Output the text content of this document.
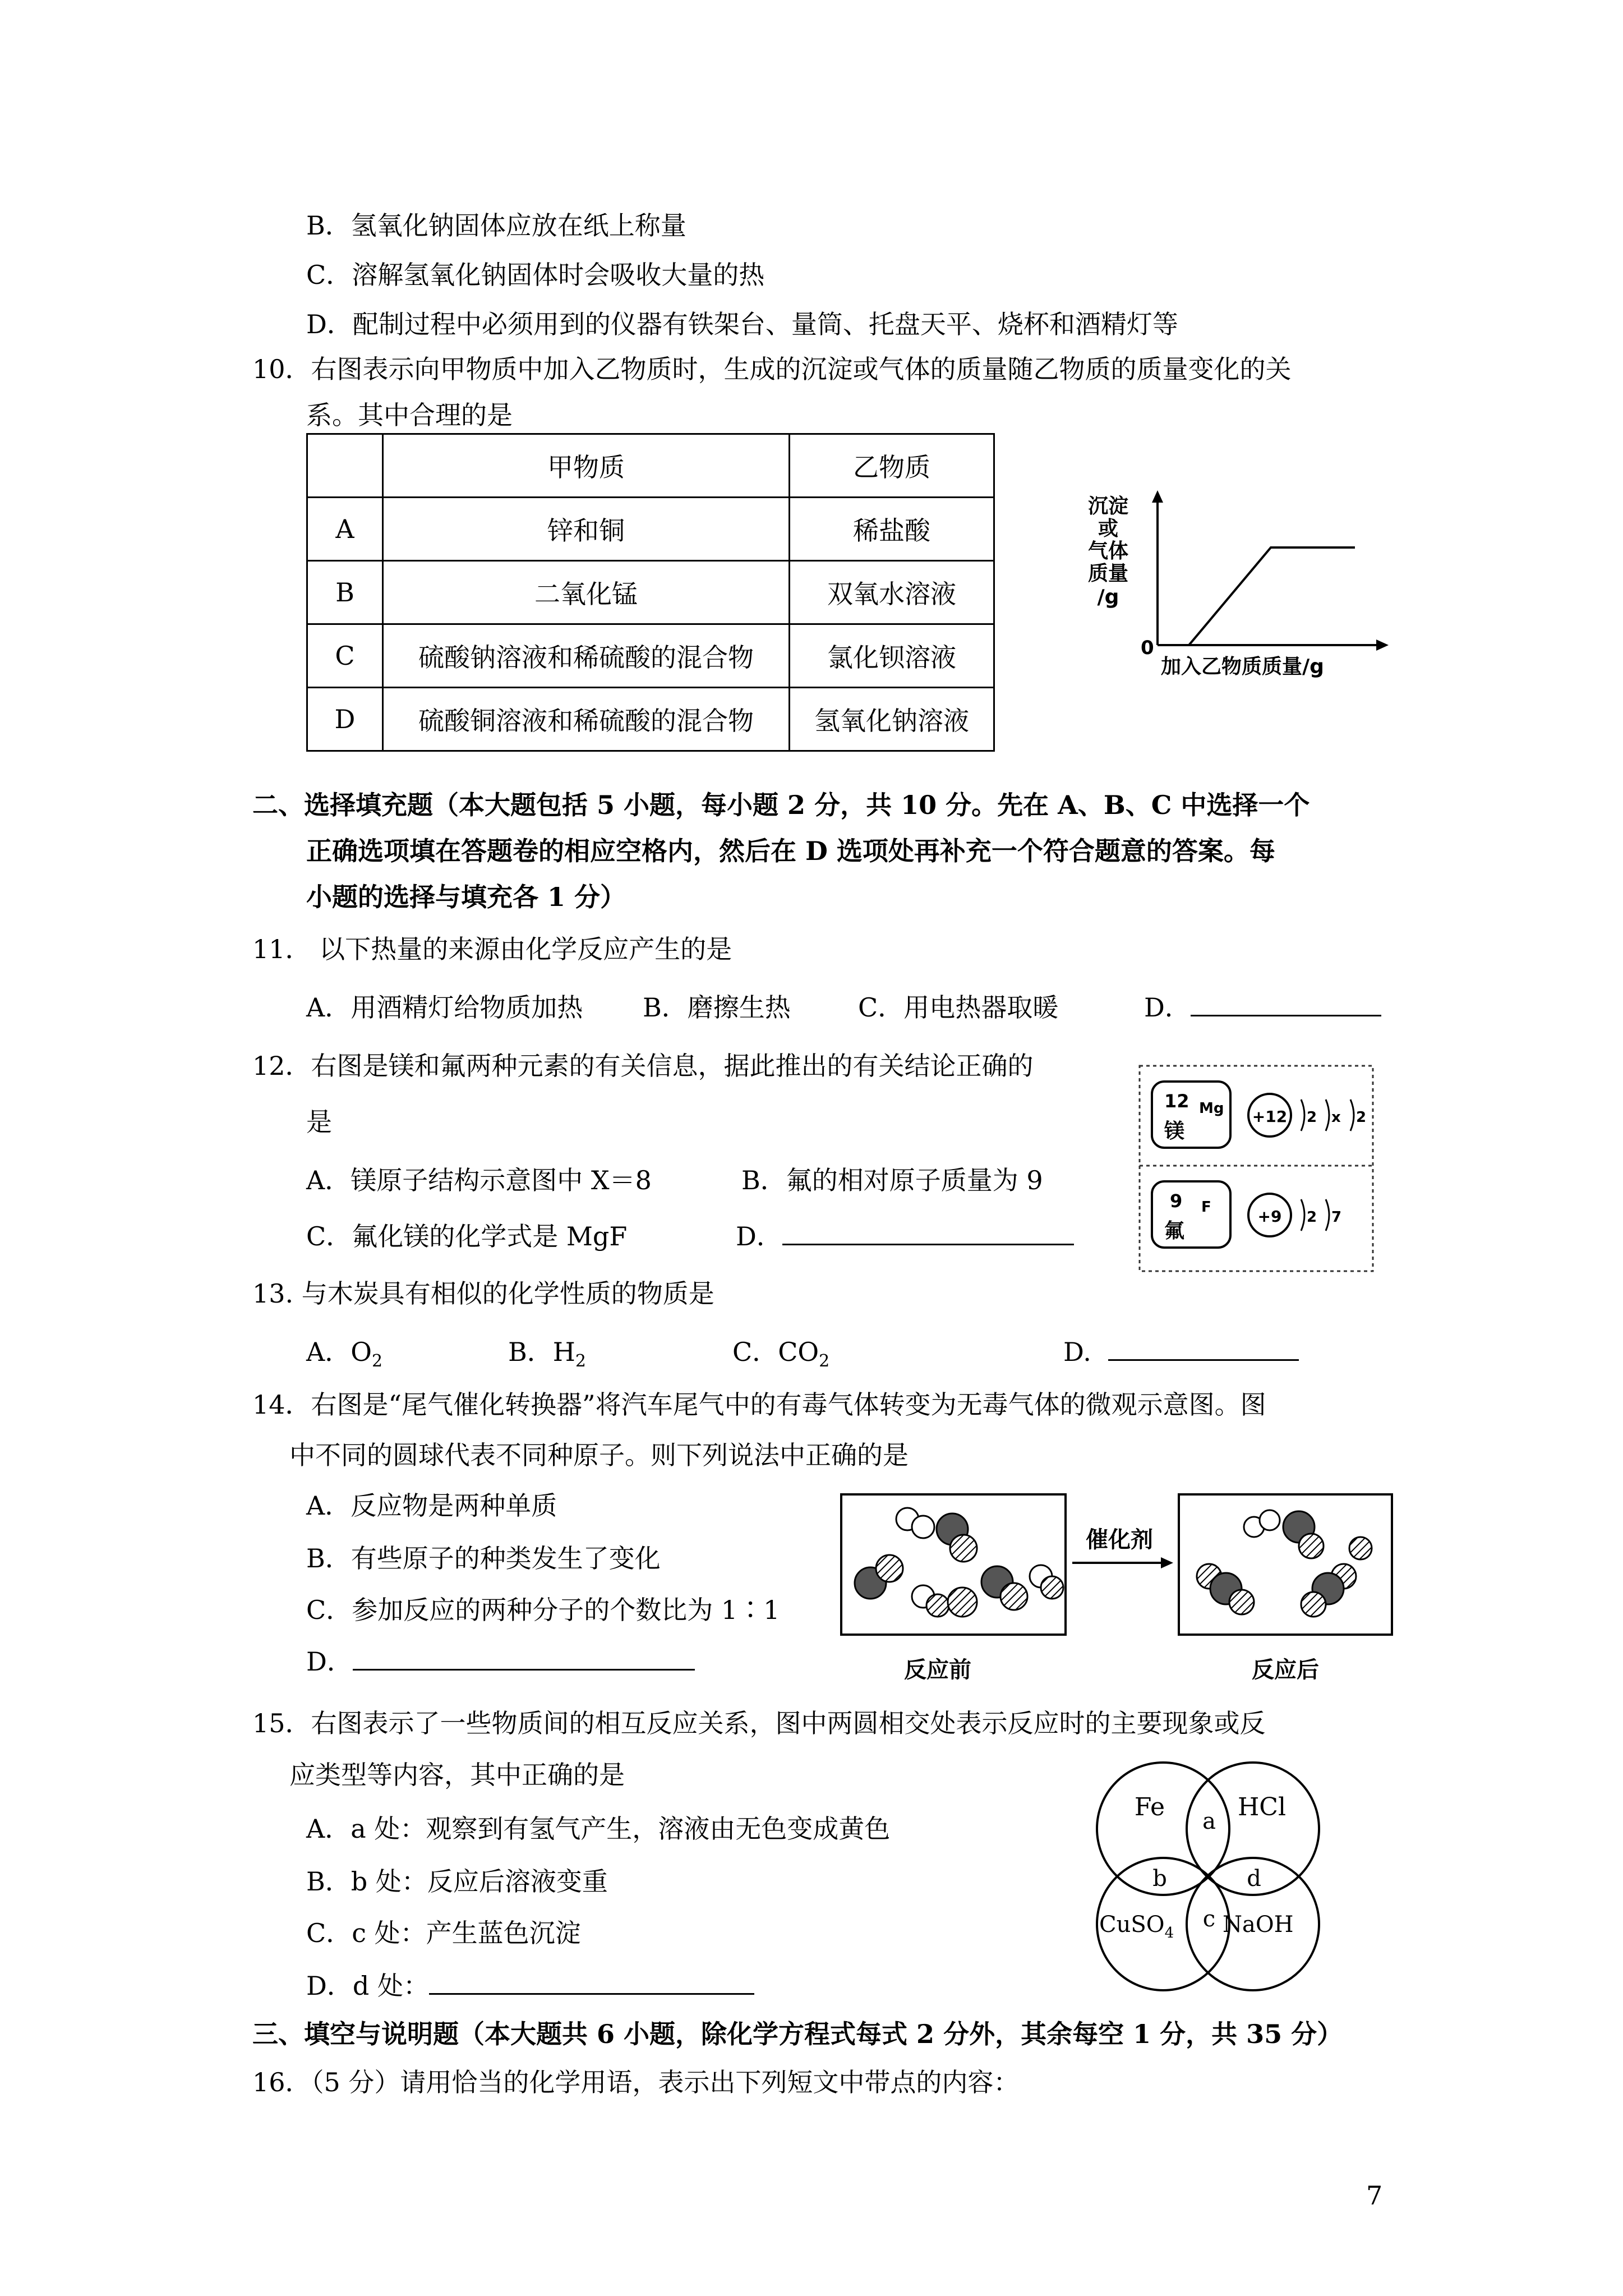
B．氢氧化钠固体应放在纸上称量
C．溶解氢氧化钠固体时会吸收大量的热
D．配制过程中必须用到的仪器有铁架台、量筒、托盘天平、烧杯和酒精灯等
10．右图表示向甲物质中加入乙物质时，生成的沉淀或气体的质量随乙物质的质量变化的关
系。其中合理的是
	甲物质	乙物质
A	锌和铜	稀盐酸
B	二氧化锰	双氧水溶液
C	硫酸钠溶液和稀硫酸的混合物	氯化钡溶液
D	硫酸铜溶液和稀硫酸的混合物	氢氧化钠溶液
沉淀
或
气体
质量
/g
0
加入乙物质质量/g
二、选择填充题（本大题包括 5 小题，每小题 2 分，共 10 分。先在 A、B、C 中选择一个
正确选项填在答题卷的相应空格内，然后在 D 选项处再补充一个符合题意的答案。每
小题的选择与填充各 1 分）
11． 以下热量的来源由化学反应产生的是
A．用酒精灯给物质加热 B．磨擦生热	C．用电热器取暖	D．
12．右图是镁和氟两种元素的有关信息，据此推出的有关结论正确的
是
A．镁原子结构示意图中 X＝8	B．氟的相对原子质量为 9
C．氟化镁的化学式是 MgF	D．
12 Mg
镁
+12 2 x 2
9 F
氟
+9 2 7
13. 与木炭具有相似的化学性质的物质是
A．$O_2$	B．$H_2$	C．$CO_2$	D.
14．右图是“尾气催化转换器”将汽车尾气中的有毒气体转变为无毒气体的微观示意图。图
中不同的圆球代表不同种原子。则下列说法中正确的是
A．反应物是两种单质
B．有些原子的种类发生了变化
C．参加反应的两种分子的个数比为 1∶1
D．
催化剂
反应前	反应后
15．右图表示了一些物质间的相互反应关系，图中两圆相交处表示反应时的主要现象或反
应类型等内容，其中正确的是
A．a 处：观察到有氢气产生，溶液由无色变成黄色
B．b 处：反应后溶液变重
C．c 处：产生蓝色沉淀
D．d 处：
Fe	HCl
CuSO$_4$ NaOH
a
b
c
d
三、填空与说明题（本大题共 6 小题，除化学方程式每式 2 分外，其余每空 1 分，共 35 分）
16．（5 分）请用恰当的化学用语，表示出下列短文中带点的内容：
7
